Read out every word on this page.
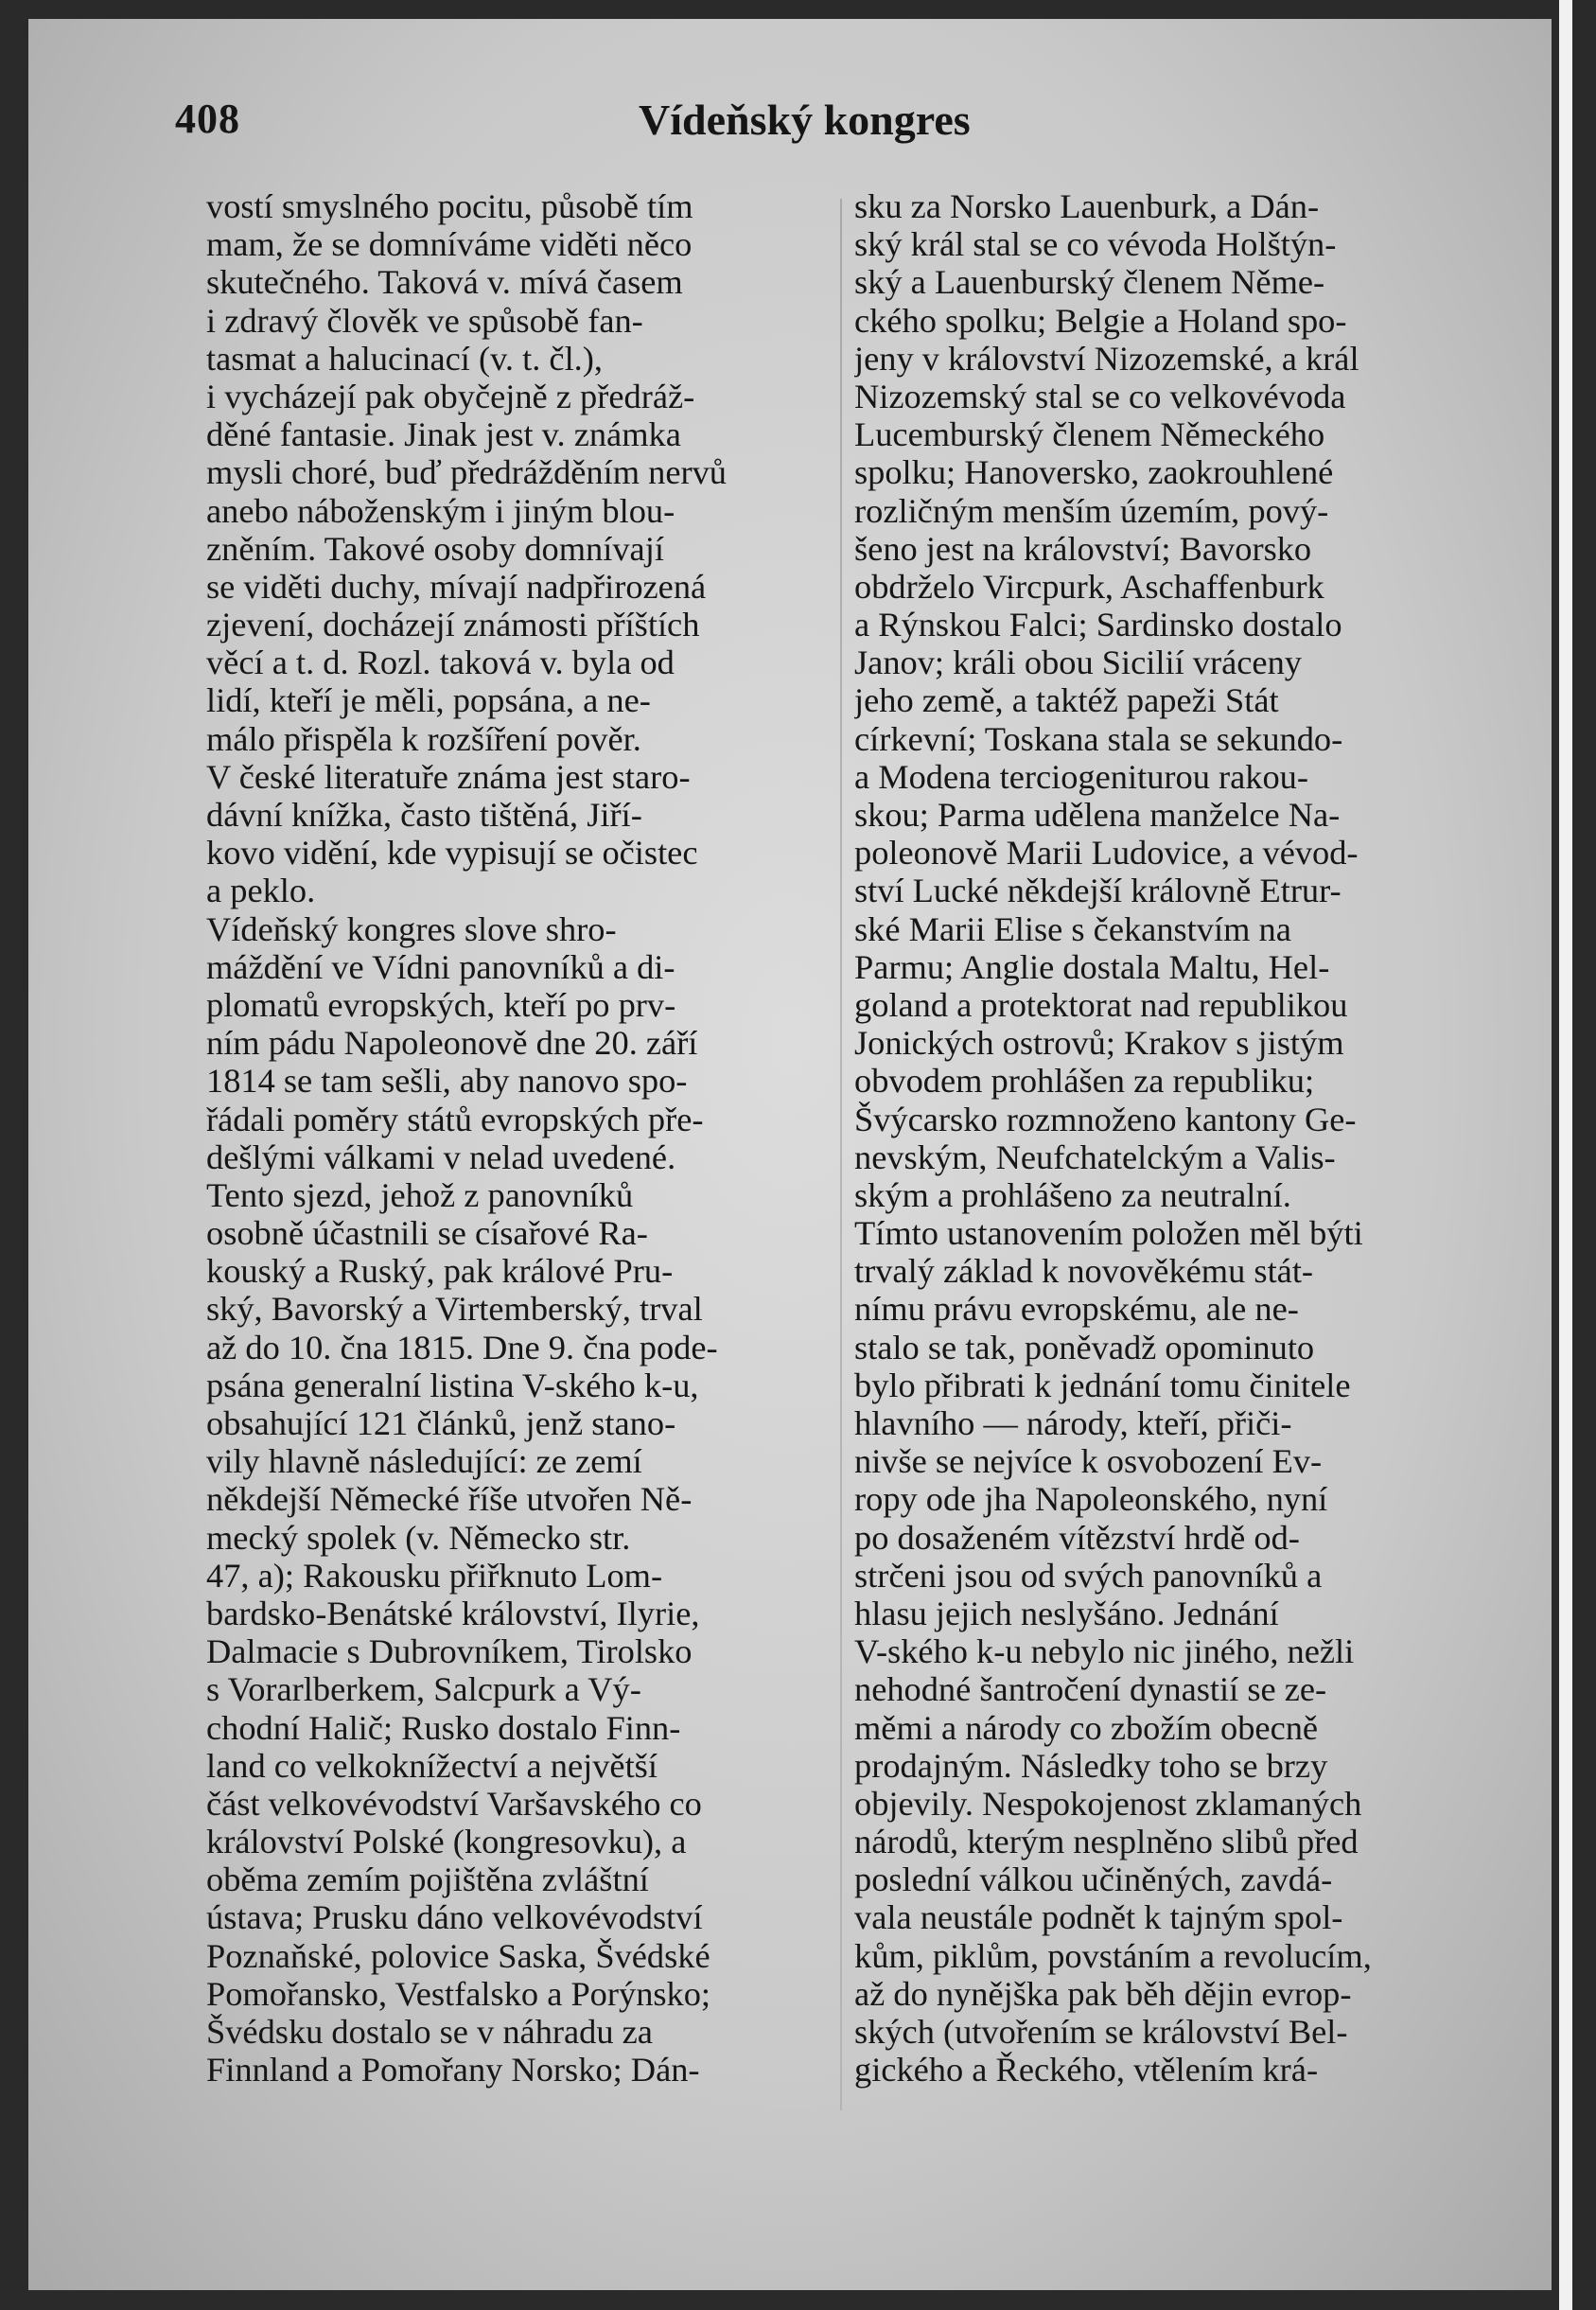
408	Vídeňský kongres
vostí smyslného pocitu, působě tím
mam, že se domníváme viděti něco
skutečného. Taková v. mívá časem
i zdravý člověk ve spůsobě fan-
tasmat a halucinací (v. t. čl.),
i vycházejí pak obyčejně z předráž-
děné fantasie. Jinak jest v. známka
mysli choré, buď předrážděním nervů
anebo náboženským i jiným blou-
zněním. Takové osoby domnívají
se viděti duchy, mívají nadpřirozená
zjevení, docházejí známosti příštích
věcí a t. d. Rozl. taková v. byla od
lidí, kteří je měli, popsána, a ne-
málo přispěla k rozšíření pověr.
V české literatuře známa jest staro-
dávní knížka, často tištěná, Jiří-
kovo vidění, kde vypisují se očistec
a peklo.
Vídeňský kongres slove shro-
máždění ve Vídni panovníků a di-
plomatů evropských, kteří po prv-
ním pádu Napoleonově dne 20. září
1814 se tam sešli, aby nanovo spo-
řádali poměry států evropských pře-
dešlými válkami v nelad uvedené.
Tento sjezd, jehož z panovníků
osobně účastnili se císařové Ra-
kouský a Ruský, pak králové Pru-
ský, Bavorský a Virtemberský, trval
až do 10. čna 1815. Dne 9. čna pode-
psána generalní listina V-ského k-u,
obsahující 121 článků, jenž stano-
vily hlavně následující: ze zemí
někdejší Německé říše utvořen Ně-
mecký spolek (v. Německo str.
47, a); Rakousku přiřknuto Lom-
bardsko-Benátské království, Ilyrie,
Dalmacie s Dubrovníkem, Tirolsko
s Vorarlberkem, Salcpurk a Vý-
chodní Halič; Rusko dostalo Finn-
land co velkoknížectví a největší
část velkovévodství Varšavského co
království Polské (kongresovku), a
oběma zemím pojištěna zvláštní
ústava; Prusku dáno velkovévodství
Poznaňské, polovice Saska, Švédské
Pomořansko, Vestfalsko a Porýnsko;
Švédsku dostalo se v náhradu za
Finnland a Pomořany Norsko; Dán-
sku za Norsko Lauenburk, a Dán-
ský král stal se co vévoda Holštýn-
ský a Lauenburský členem Něme-
ckého spolku; Belgie a Holand spo-
jeny v království Nizozemské, a král
Nizozemský stal se co velkovévoda
Lucemburský členem Německého
spolku; Hanoversko, zaokrouhlené
rozličným menším územím, pový-
šeno jest na království; Bavorsko
obdrželo Vircpurk, Aschaffenburk
a Rýnskou Falci; Sardinsko dostalo
Janov; králi obou Sicilií vráceny
jeho země, a taktéž papeži Stát
církevní; Toskana stala se sekundo-
a Modena terciogeniturou rakou-
skou; Parma udělena manželce Na-
poleonově Marii Ludovice, a vévod-
ství Lucké někdejší královně Etrur-
ské Marii Elise s čekanstvím na
Parmu; Anglie dostala Maltu, Hel-
goland a protektorat nad republikou
Jonických ostrovů; Krakov s jistým
obvodem prohlášen za republiku;
Švýcarsko rozmnoženo kantony Ge-
nevským, Neufchatelckým a Valis-
ským a prohlášeno za neutralní.
Tímto ustanovením položen měl býti
trvalý základ k novověkému stát-
nímu právu evropskému, ale ne-
stalo se tak, poněvadž opominuto
bylo přibrati k jednání tomu činitele
hlavního — národy, kteří, přiči-
nivše se nejvíce k osvobození Ev-
ropy ode jha Napoleonského, nyní
po dosaženém vítězství hrdě od-
strčeni jsou od svých panovníků a
hlasu jejich neslyšáno. Jednání
V-ského k-u nebylo nic jiného, nežli
nehodné šantročení dynastií se ze-
měmi a národy co zbožím obecně
prodajným. Následky toho se brzy
objevily. Nespokojenost zklamaných
národů, kterým nesplněno slibů před
poslední válkou učiněných, zavdá-
vala neustále podnět k tajným spol-
kům, piklům, povstáním a revolucím,
až do nynějška pak běh dějin evrop-
ských (utvořením se království Bel-
gického a Řeckého, vtělením krá-
